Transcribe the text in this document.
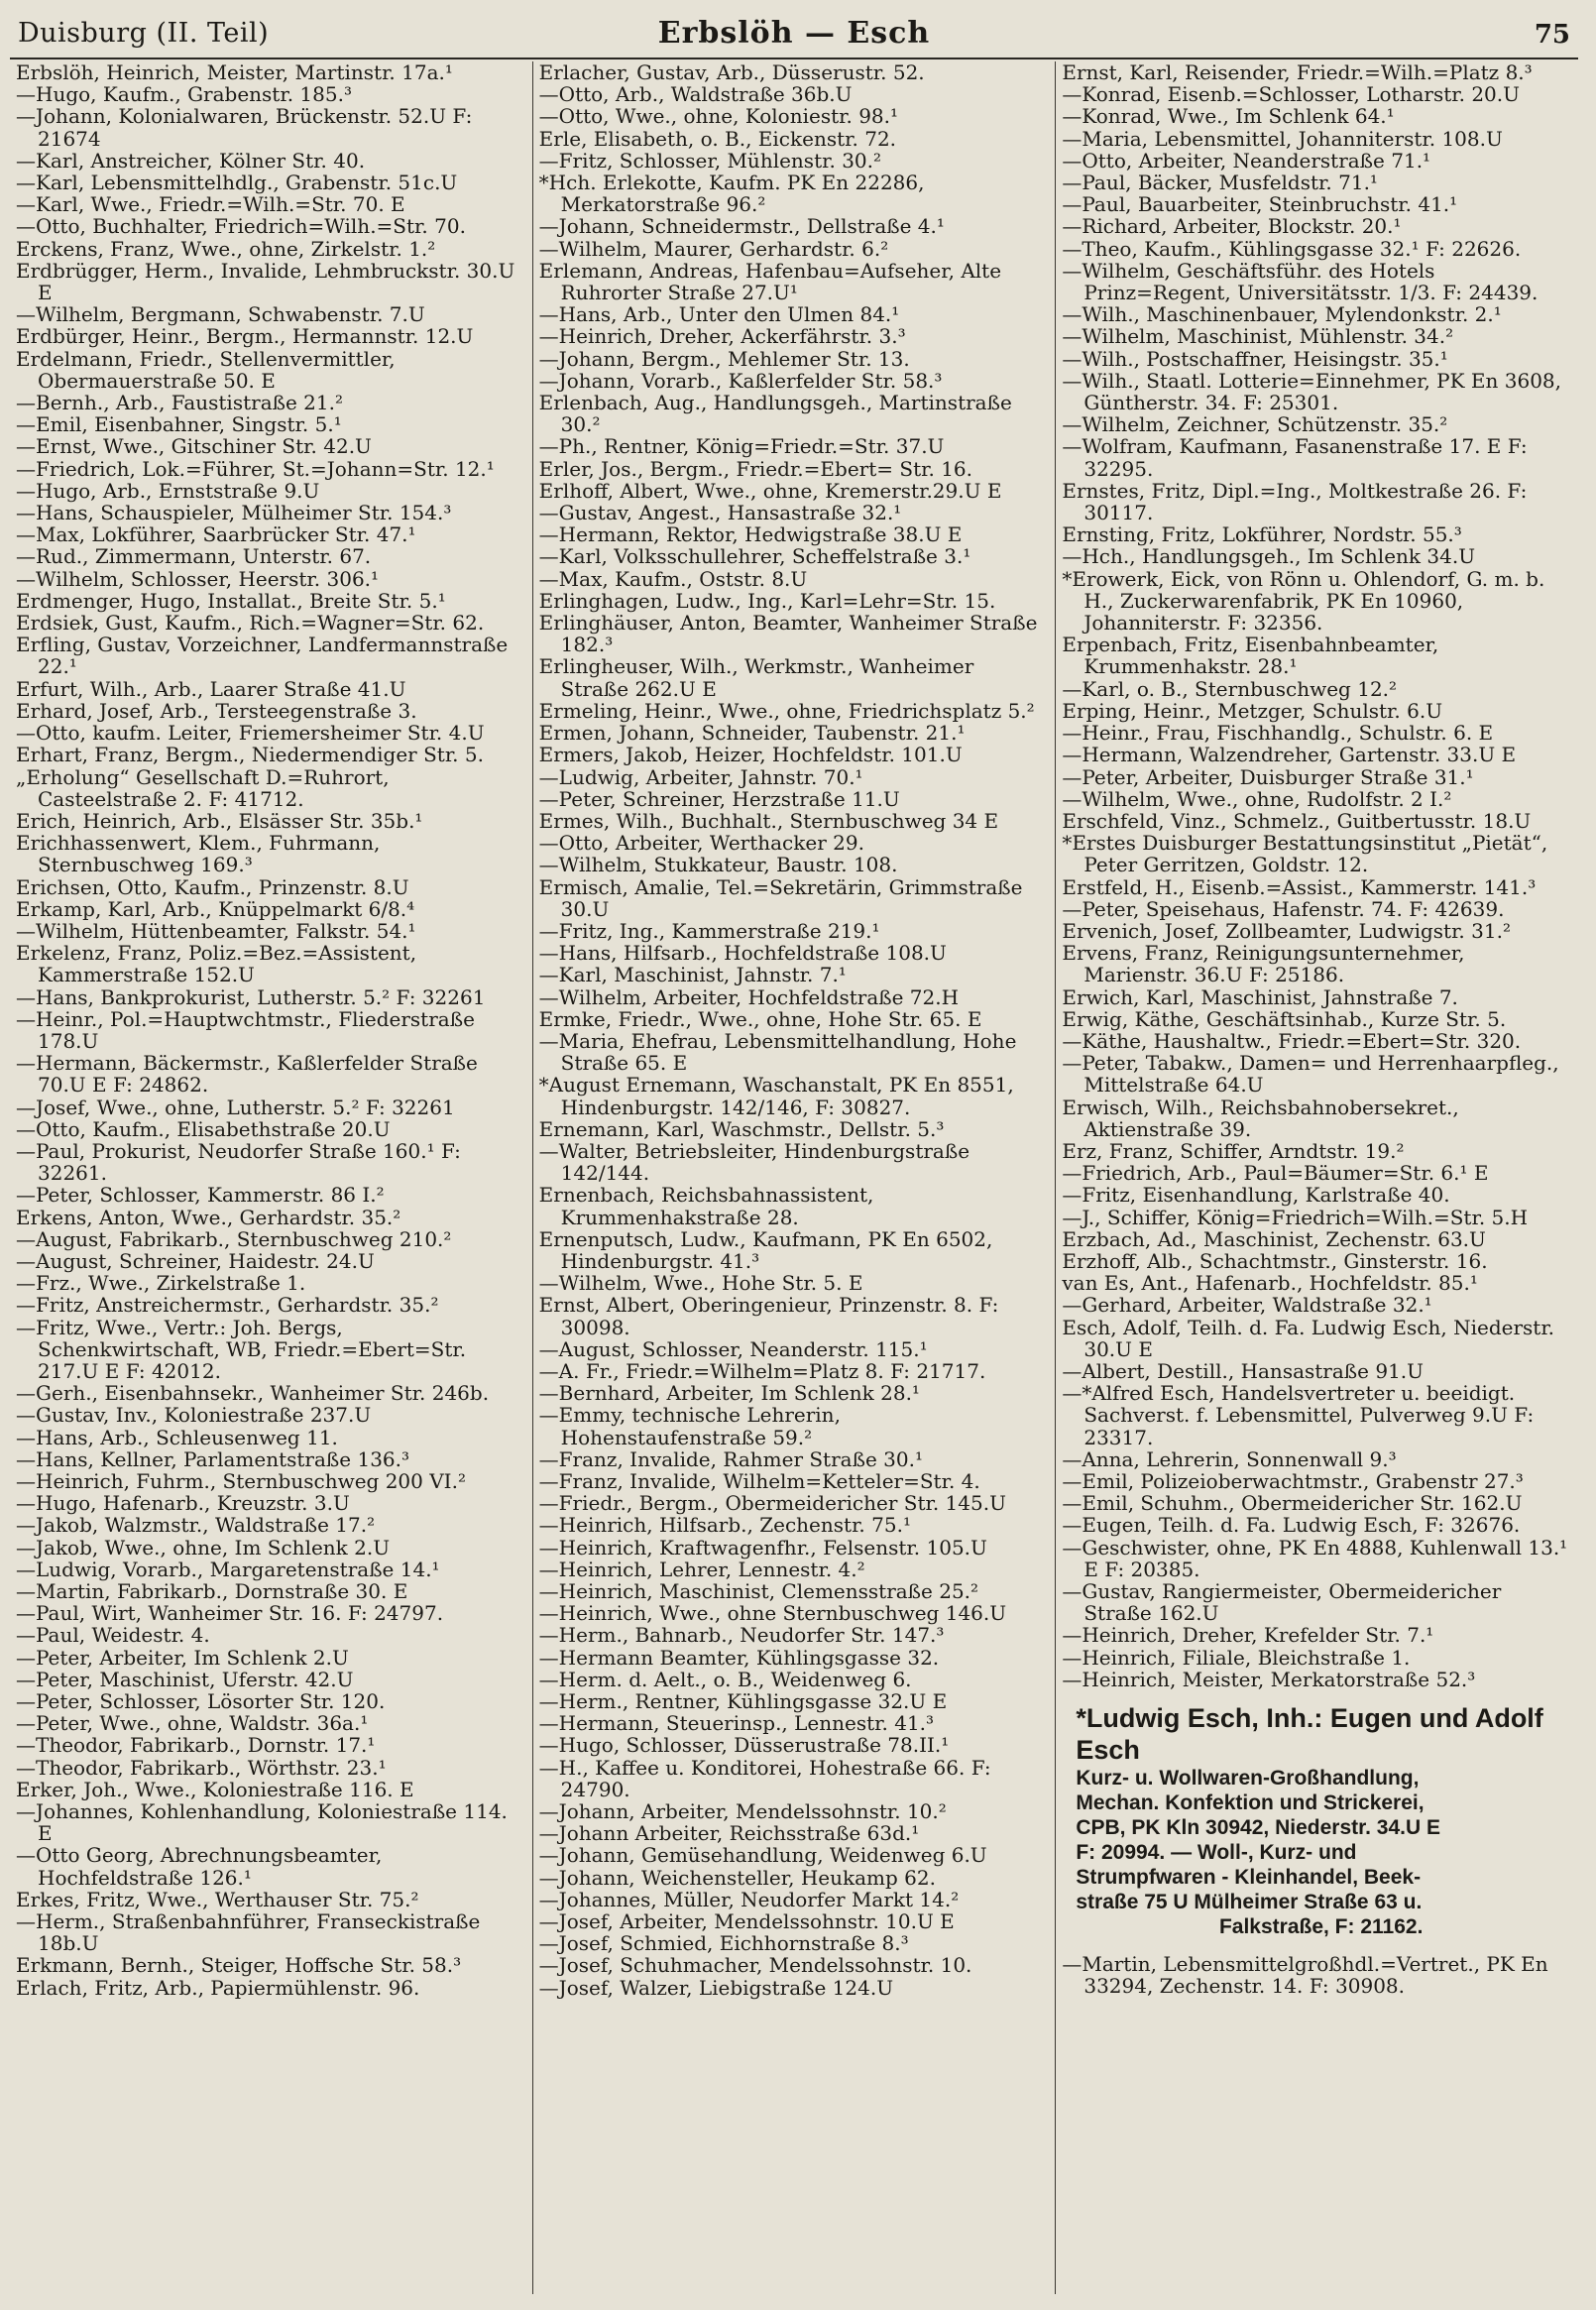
Duisburg (II. Teil)	Erbslöh — Esch	75

Erbslöh, Heinrich, Meister, Martinstr. 17a.¹

—Hugo, Kaufm., Grabenstr. 185.³

—Johann, Kolonialwaren, Brückenstr. 52.U F: 21674

—Karl, Anstreicher, Kölner Str. 40.

—Karl, Lebensmittelhdlg., Grabenstr. 51c.U

—Karl, Wwe., Friedr.=Wilh.=Str. 70. E

—Otto, Buchhalter, Friedrich=Wilh.=Str. 70.

Erckens, Franz, Wwe., ohne, Zirkelstr. 1.²

Erdbrügger, Herm., Invalide, Lehmbruckstr. 30.U E

—Wilhelm, Bergmann, Schwabenstr. 7.U

Erdbürger, Heinr., Bergm., Hermannstr. 12.U

Erdelmann, Friedr., Stellenvermittler, Obermauerstraße 50. E

—Bernh., Arb., Faustistraße 21.²

—Emil, Eisenbahner, Singstr. 5.¹

—Ernst, Wwe., Gitschiner Str. 42.U

—Friedrich, Lok.=Führer, St.=Johann=Str. 12.¹

—Hugo, Arb., Ernststraße 9.U

—Hans, Schauspieler, Mülheimer Str. 154.³

—Max, Lokführer, Saarbrücker Str. 47.¹

—Rud., Zimmermann, Unterstr. 67.

—Wilhelm, Schlosser, Heerstr. 306.¹

Erdmenger, Hugo, Installat., Breite Str. 5.¹

Erdsiek, Gust, Kaufm., Rich.=Wagner=Str. 62.

Erfling, Gustav, Vorzeichner, Landfermannstraße 22.¹

Erfurt, Wilh., Arb., Laarer Straße 41.U

Erhard, Josef, Arb., Tersteegenstraße 3.

—Otto, kaufm. Leiter, Friemersheimer Str. 4.U

Erhart, Franz, Bergm., Niedermendiger Str. 5.

„Erholung“ Gesellschaft D.=Ruhrort, Casteelstraße 2. F: 41712.

Erich, Heinrich, Arb., Elsässer Str. 35b.¹

Erichhassenwert, Klem., Fuhrmann, Sternbuschweg 169.³

Erichsen, Otto, Kaufm., Prinzenstr. 8.U

Erkamp, Karl, Arb., Knüppelmarkt 6/8.⁴

—Wilhelm, Hüttenbeamter, Falkstr. 54.¹

Erkelenz, Franz, Poliz.=Bez.=Assistent, Kammerstraße 152.U

—Hans, Bankprokurist, Lutherstr. 5.² F: 32261

—Heinr., Pol.=Hauptwchtmstr., Fliederstraße 178.U

—Hermann, Bäckermstr., Kaßlerfelder Straße 70.U E F: 24862.

—Josef, Wwe., ohne, Lutherstr. 5.² F: 32261

—Otto, Kaufm., Elisabethstraße 20.U

—Paul, Prokurist, Neudorfer Straße 160.¹ F: 32261.

—Peter, Schlosser, Kammerstr. 86 I.²

Erkens, Anton, Wwe., Gerhardstr. 35.²

—August, Fabrikarb., Sternbuschweg 210.²

—August, Schreiner, Haidestr. 24.U

—Frz., Wwe., Zirkelstraße 1.

—Fritz, Anstreichermstr., Gerhardstr. 35.²

—Fritz, Wwe., Vertr.: Joh. Bergs, Schenkwirtschaft, WB, Friedr.=Ebert=Str. 217.U E F: 42012.

—Gerh., Eisenbahnsekr., Wanheimer Str. 246b.

—Gustav, Inv., Koloniestraße 237.U

—Hans, Arb., Schleusenweg 11.

—Hans, Kellner, Parlamentstraße 136.³

—Heinrich, Fuhrm., Sternbuschweg 200 VI.²

—Hugo, Hafenarb., Kreuzstr. 3.U

—Jakob, Walzmstr., Waldstraße 17.²

—Jakob, Wwe., ohne, Im Schlenk 2.U

—Ludwig, Vorarb., Margaretenstraße 14.¹

—Martin, Fabrikarb., Dornstraße 30. E

—Paul, Wirt, Wanheimer Str. 16. F: 24797.

—Paul, Weidestr. 4.

—Peter, Arbeiter, Im Schlenk 2.U

—Peter, Maschinist, Uferstr. 42.U

—Peter, Schlosser, Lösorter Str. 120.

—Peter, Wwe., ohne, Waldstr. 36a.¹

—Theodor, Fabrikarb., Dornstr. 17.¹

—Theodor, Fabrikarb., Wörthstr. 23.¹

Erker, Joh., Wwe., Koloniestraße 116. E

—Johannes, Kohlenhandlung, Koloniestraße 114. E

—Otto Georg, Abrechnungsbeamter, Hochfeldstraße 126.¹

Erkes, Fritz, Wwe., Werthauser Str. 75.²

—Herm., Straßenbahnführer, Franseckistraße 18b.U

Erkmann, Bernh., Steiger, Hoffsche Str. 58.³

Erlach, Fritz, Arb., Papiermühlenstr. 96.

Erlacher, Gustav, Arb., Düsserustr. 52.

—Otto, Arb., Waldstraße 36b.U

—Otto, Wwe., ohne, Koloniestr. 98.¹

Erle, Elisabeth, o. B., Eickenstr. 72.

—Fritz, Schlosser, Mühlenstr. 30.²

*Hch. Erlekotte, Kaufm. PK En 22286, Merkatorstraße 96.²

—Johann, Schneidermstr., Dellstraße 4.¹

—Wilhelm, Maurer, Gerhardstr. 6.²

Erlemann, Andreas, Hafenbau=Aufseher, Alte Ruhrorter Straße 27.U¹

—Hans, Arb., Unter den Ulmen 84.¹

—Heinrich, Dreher, Ackerfährstr. 3.³

—Johann, Bergm., Mehlemer Str. 13.

—Johann, Vorarb., Kaßlerfelder Str. 58.³

Erlenbach, Aug., Handlungsgeh., Martinstraße 30.²

—Ph., Rentner, König=Friedr.=Str. 37.U

Erler, Jos., Bergm., Friedr.=Ebert= Str. 16.

Erlhoff, Albert, Wwe., ohne, Kremerstr.29.U E

—Gustav, Angest., Hansastraße 32.¹

—Hermann, Rektor, Hedwigstraße 38.U E

—Karl, Volksschullehrer, Scheffelstraße 3.¹

—Max, Kaufm., Oststr. 8.U

Erlinghagen, Ludw., Ing., Karl=Lehr=Str. 15.

Erlinghäuser, Anton, Beamter, Wanheimer Straße 182.³

Erlingheuser, Wilh., Werkmstr., Wanheimer Straße 262.U E

Ermeling, Heinr., Wwe., ohne, Friedrichsplatz 5.²

Ermen, Johann, Schneider, Taubenstr. 21.¹

Ermers, Jakob, Heizer, Hochfeldstr. 101.U

—Ludwig, Arbeiter, Jahnstr. 70.¹

—Peter, Schreiner, Herzstraße 11.U

Ermes, Wilh., Buchhalt., Sternbuschweg 34 E

—Otto, Arbeiter, Werthacker 29.

—Wilhelm, Stukkateur, Baustr. 108.

Ermisch, Amalie, Tel.=Sekretärin, Grimmstraße 30.U

—Fritz, Ing., Kammerstraße 219.¹

—Hans, Hilfsarb., Hochfeldstraße 108.U

—Karl, Maschinist, Jahnstr. 7.¹

—Wilhelm, Arbeiter, Hochfeldstraße 72.H

Ermke, Friedr., Wwe., ohne, Hohe Str. 65. E

—Maria, Ehefrau, Lebensmittelhandlung, Hohe Straße 65. E

*August Ernemann, Waschanstalt, PK En 8551, Hindenburgstr. 142/146, F: 30827.

Ernemann, Karl, Waschmstr., Dellstr. 5.³

—Walter, Betriebsleiter, Hindenburgstraße 142/144.

Ernenbach, Reichsbahnassistent, Krummenhakstraße 28.

Ernenputsch, Ludw., Kaufmann, PK En 6502, Hindenburgstr. 41.³

—Wilhelm, Wwe., Hohe Str. 5. E

Ernst, Albert, Oberingenieur, Prinzenstr. 8. F: 30098.

—August, Schlosser, Neanderstr. 115.¹

—A. Fr., Friedr.=Wilhelm=Platz 8. F: 21717.

—Bernhard, Arbeiter, Im Schlenk 28.¹

—Emmy, technische Lehrerin, Hohenstaufenstraße 59.²

—Franz, Invalide, Rahmer Straße 30.¹

—Franz, Invalide, Wilhelm=Ketteler=Str. 4.

—Friedr., Bergm., Obermeidericher Str. 145.U

—Heinrich, Hilfsarb., Zechenstr. 75.¹

—Heinrich, Kraftwagenfhr., Felsenstr. 105.U

—Heinrich, Lehrer, Lennestr. 4.²

—Heinrich, Maschinist, Clemensstraße 25.²

—Heinrich, Wwe., ohne Sternbuschweg 146.U

—Herm., Bahnarb., Neudorfer Str. 147.³

—Hermann Beamter, Kühlingsgasse 32.

—Herm. d. Aelt., o. B., Weidenweg 6.

—Herm., Rentner, Kühlingsgasse 32.U E

—Hermann, Steuerinsp., Lennestr. 41.³

—Hugo, Schlosser, Düsserustraße 78.II.¹

—H., Kaffee u. Konditorei, Hohestraße 66. F: 24790.

—Johann, Arbeiter, Mendelssohnstr. 10.²

—Johann Arbeiter, Reichsstraße 63d.¹

—Johann, Gemüsehandlung, Weidenweg 6.U

—Johann, Weichensteller, Heukamp 62.

—Johannes, Müller, Neudorfer Markt 14.²

—Josef, Arbeiter, Mendelssohnstr. 10.U E

—Josef, Schmied, Eichhornstraße 8.³

—Josef, Schuhmacher, Mendelssohnstr. 10.

—Josef, Walzer, Liebigstraße 124.U

Ernst, Karl, Reisender, Friedr.=Wilh.=Platz 8.³

—Konrad, Eisenb.=Schlosser, Lotharstr. 20.U

—Konrad, Wwe., Im Schlenk 64.¹

—Maria, Lebensmittel, Johanniterstr. 108.U

—Otto, Arbeiter, Neanderstraße 71.¹

—Paul, Bäcker, Musfeldstr. 71.¹

—Paul, Bauarbeiter, Steinbruchstr. 41.¹

—Richard, Arbeiter, Blockstr. 20.¹

—Theo, Kaufm., Kühlingsgasse 32.¹ F: 22626.

—Wilhelm, Geschäftsführ. des Hotels Prinz=Regent, Universitätsstr. 1/3. F: 24439.

—Wilh., Maschinenbauer, Mylendonkstr. 2.¹

—Wilhelm, Maschinist, Mühlenstr. 34.²

—Wilh., Postschaffner, Heisingstr. 35.¹

—Wilh., Staatl. Lotterie=Einnehmer, PK En 3608, Güntherstr. 34. F: 25301.

—Wilhelm, Zeichner, Schützenstr. 35.²

—Wolfram, Kaufmann, Fasanenstraße 17. E F: 32295.

Ernstes, Fritz, Dipl.=Ing., Moltkestraße 26. F: 30117.

Ernsting, Fritz, Lokführer, Nordstr. 55.³

—Hch., Handlungsgeh., Im Schlenk 34.U

*Erowerk, Eick, von Rönn u. Ohlendorf, G. m. b. H., Zuckerwarenfabrik, PK En 10960, Johanniterstr. F: 32356.

Erpenbach, Fritz, Eisenbahnbeamter, Krummenhakstr. 28.¹

—Karl, o. B., Sternbuschweg 12.²

Erping, Heinr., Metzger, Schulstr. 6.U

—Heinr., Frau, Fischhandlg., Schulstr. 6. E

—Hermann, Walzendreher, Gartenstr. 33.U E

—Peter, Arbeiter, Duisburger Straße 31.¹

—Wilhelm, Wwe., ohne, Rudolfstr. 2 I.²

Erschfeld, Vinz., Schmelz., Guitbertusstr. 18.U

*Erstes Duisburger Bestattungsinstitut „Pietät“, Peter Gerritzen, Goldstr. 12.

Erstfeld, H., Eisenb.=Assist., Kammerstr. 141.³

—Peter, Speisehaus, Hafenstr. 74. F: 42639.

Ervenich, Josef, Zollbeamter, Ludwigstr. 31.²

Ervens, Franz, Reinigungsunternehmer, Marienstr. 36.U F: 25186.

Erwich, Karl, Maschinist, Jahnstraße 7.

Erwig, Käthe, Geschäftsinhab., Kurze Str. 5.

—Käthe, Haushaltw., Friedr.=Ebert=Str. 320.

—Peter, Tabakw., Damen= und Herrenhaarpfleg., Mittelstraße 64.U

Erwisch, Wilh., Reichsbahnobersekret., Aktienstraße 39.

Erz, Franz, Schiffer, Arndtstr. 19.²

—Friedrich, Arb., Paul=Bäumer=Str. 6.¹ E

—Fritz, Eisenhandlung, Karlstraße 40.

—J., Schiffer, König=Friedrich=Wilh.=Str. 5.H

Erzbach, Ad., Maschinist, Zechenstr. 63.U

Erzhoff, Alb., Schachtmstr., Ginsterstr. 16.

van Es, Ant., Hafenarb., Hochfeldstr. 85.¹

—Gerhard, Arbeiter, Waldstraße 32.¹

Esch, Adolf, Teilh. d. Fa. Ludwig Esch, Niederstr. 30.U E

—Albert, Destill., Hansastraße 91.U

—*Alfred Esch, Handelsvertreter u. beeidigt. Sachverst. f. Lebensmittel, Pulverweg 9.U F: 23317.

—Anna, Lehrerin, Sonnenwall 9.³

—Emil, Polizeioberwachtmstr., Grabenstr 27.³

—Emil, Schuhm., Obermeidericher Str. 162.U

—Eugen, Teilh. d. Fa. Ludwig Esch, F: 32676.

—Geschwister, ohne, PK En 4888, Kuhlenwall 13.¹ E F: 20385.

—Gustav, Rangiermeister, Obermeidericher Straße 162.U

—Heinrich, Dreher, Krefelder Str. 7.¹

—Heinrich, Filiale, Bleichstraße 1.

—Heinrich, Meister, Merkatorstraße 52.³

*Ludwig Esch, Inh.: Eugen und Adolf Esch

Kurz- u. Wollwaren-Großhandlung,

Mechan. Konfektion und Strickerei,

CPB, PK Kln 30942, Niederstr. 34.U E

F: 20994. — Woll-, Kurz- und

Strumpfwaren - Kleinhandel, Beek-

straße 75 U Mülheimer Straße 63 u.

Falkstraße, F: 21162.

—Martin, Lebensmittelgroßhdl.=Vertret., PK En 33294, Zechenstr. 14. F: 30908.
